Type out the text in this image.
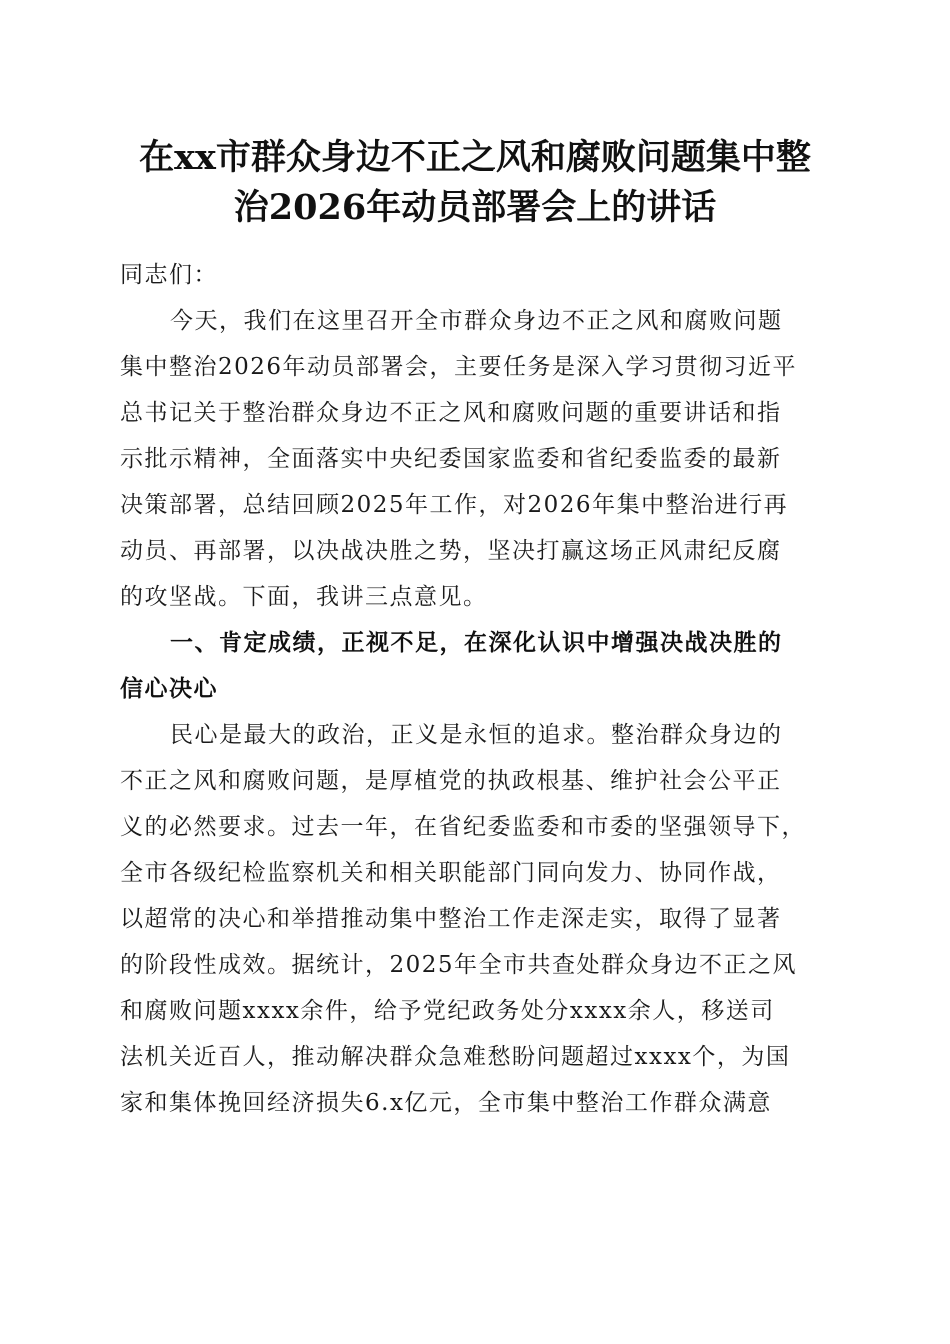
在xx市群众身边不正之风和腐败问题集中整
治2026年动员部署会上的讲话
同志们：
今天，我们在这里召开全市群众身边不正之风和腐败问题
集中整治2026年动员部署会，主要任务是深入学习贯彻习近平
总书记关于整治群众身边不正之风和腐败问题的重要讲话和指
示批示精神，全面落实中央纪委国家监委和省纪委监委的最新
决策部署，总结回顾2025年工作，对2026年集中整治进行再
动员、再部署，以决战决胜之势，坚决打赢这场正风肃纪反腐
的攻坚战。下面，我讲三点意见。
一、肯定成绩，正视不足，在深化认识中增强决战决胜的
信心决心
民心是最大的政治，正义是永恒的追求。整治群众身边的
不正之风和腐败问题，是厚植党的执政根基、维护社会公平正
义的必然要求。过去一年，在省纪委监委和市委的坚强领导下，
全市各级纪检监察机关和相关职能部门同向发力、协同作战，
以超常的决心和举措推动集中整治工作走深走实，取得了显著
的阶段性成效。据统计，2025年全市共查处群众身边不正之风
和腐败问题xxxx余件，给予党纪政务处分xxxx余人，移送司
法机关近百人，推动解决群众急难愁盼问题超过xxxx个，为国
家和集体挽回经济损失6.x亿元，全市集中整治工作群众满意
